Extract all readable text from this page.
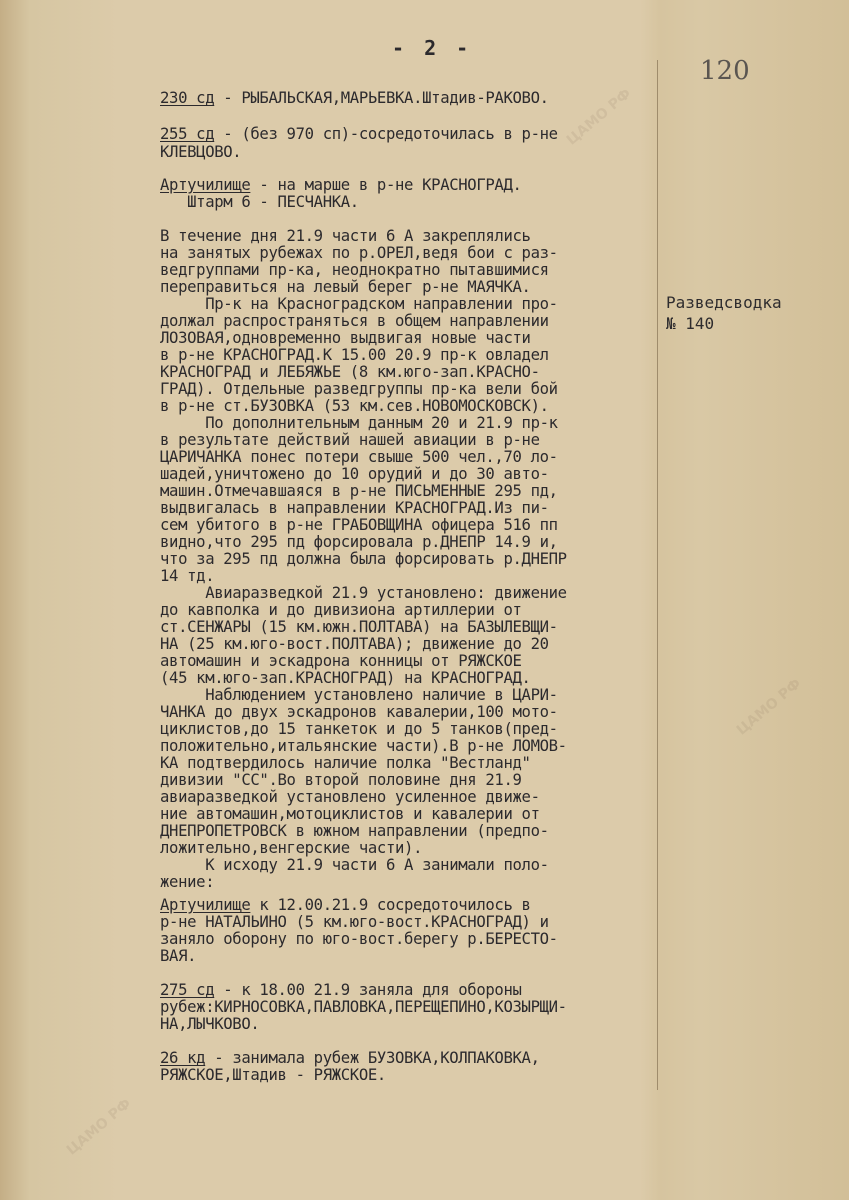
- 2 -
120
Разведсводка
№ 140
230 сд - РЫБАЛЬСКАЯ,МАРЬЕВКА.Штадив-РАКОВО.
255 сд - (без 970 сп)-сосредоточилась в р-не
КЛЕВЦОВО.
Артучилище - на марше в р-не КРАСНОГРАД.
Штарм 6 - ПЕСЧАНКА.
В течение дня 21.9 части 6 А закреплялись
на занятых рубежах по р.ОРЕЛ,ведя бои с раз-
ведгруппами пр-ка, неоднократно пытавшимися
переправиться на левый берег р-не МАЯЧКА.
Пр-к на Красноградском направлении про-
должал распространяться в общем направлении
ЛОЗОВАЯ,одновременно выдвигая новые части
в р-не КРАСНОГРАД.К 15.00 20.9 пр-к овладел
КРАСНОГРАД и ЛЕБЯЖЬЕ (8 км.юго-зап.КРАСНО-
ГРАД). Отдельные разведгруппы пр-ка вели бой
в р-не ст.БУЗОВКА (53 км.сев.НОВОМОСКОВСК).
По дополнительным данным 20 и 21.9 пр-к
в результате действий нашей авиации в р-не
ЦАРИЧАНКА понес потери свыше 500 чел.,70 ло-
шадей,уничтожено до 10 орудий и до 30 авто-
машин.Отмечавшаяся в р-не ПИСЬМЕННЫЕ 295 пд,
выдвигалась в направлении КРАСНОГРАД.Из пи-
сем убитого в р-не ГРАБОВЩИНА офицера 516 пп
видно,что 295 пд форсировала р.ДНЕПР 14.9 и,
что за 295 пд должна была форсировать р.ДНЕПР
14 тд.
Авиаразведкой 21.9 установлено: движение
до кавполка и до дивизиона артиллерии от
ст.СЕНЖАРЫ (15 км.южн.ПОЛТАВА) на БАЗЫЛЕВЩИ-
НА (25 км.юго-вост.ПОЛТАВА); движение до 20
автомашин и эскадрона конницы от РЯЖСКОЕ
(45 км.юго-зап.КРАСНОГРАД) на КРАСНОГРАД.
Наблюдением установлено наличие в ЦАРИ-
ЧАНКА до двух эскадронов кавалерии,100 мото-
циклистов,до 15 танкеток и до 5 танков(пред-
положительно,итальянские части).В р-не ЛОМОВ-
КА подтвердилось наличие полка "Вестланд"
дивизии "СС".Во второй половине дня 21.9
авиаразведкой установлено усиленное движе-
ние автомашин,мотоциклистов и кавалерии от
ДНЕПРОПЕТРОВСК в южном направлении (предпо-
ложительно,венгерские части).
К исходу 21.9 части 6 А занимали поло-
жение:
Артучилище к 12.00.21.9 сосредоточилось в
р-не НАТАЛЬИНО (5 км.юго-вост.КРАСНОГРАД) и
заняло оборону по юго-вост.берегу р.БЕРЕСТО-
ВАЯ.
275 сд - к 18.00 21.9 заняла для обороны
рубеж:КИРНОСОВКА,ПАВЛОВКА,ПЕРЕЩЕПИНО,КОЗЫРЩИ-
НА,ЛЫЧКОВО.
26 кд - занимала рубеж БУЗОВКА,КОЛПАКОВКА,
РЯЖСКОЕ,Штадив - РЯЖСКОЕ.
ЦАМО РФ
ЦАМО РФ
ЦАМО РФ
